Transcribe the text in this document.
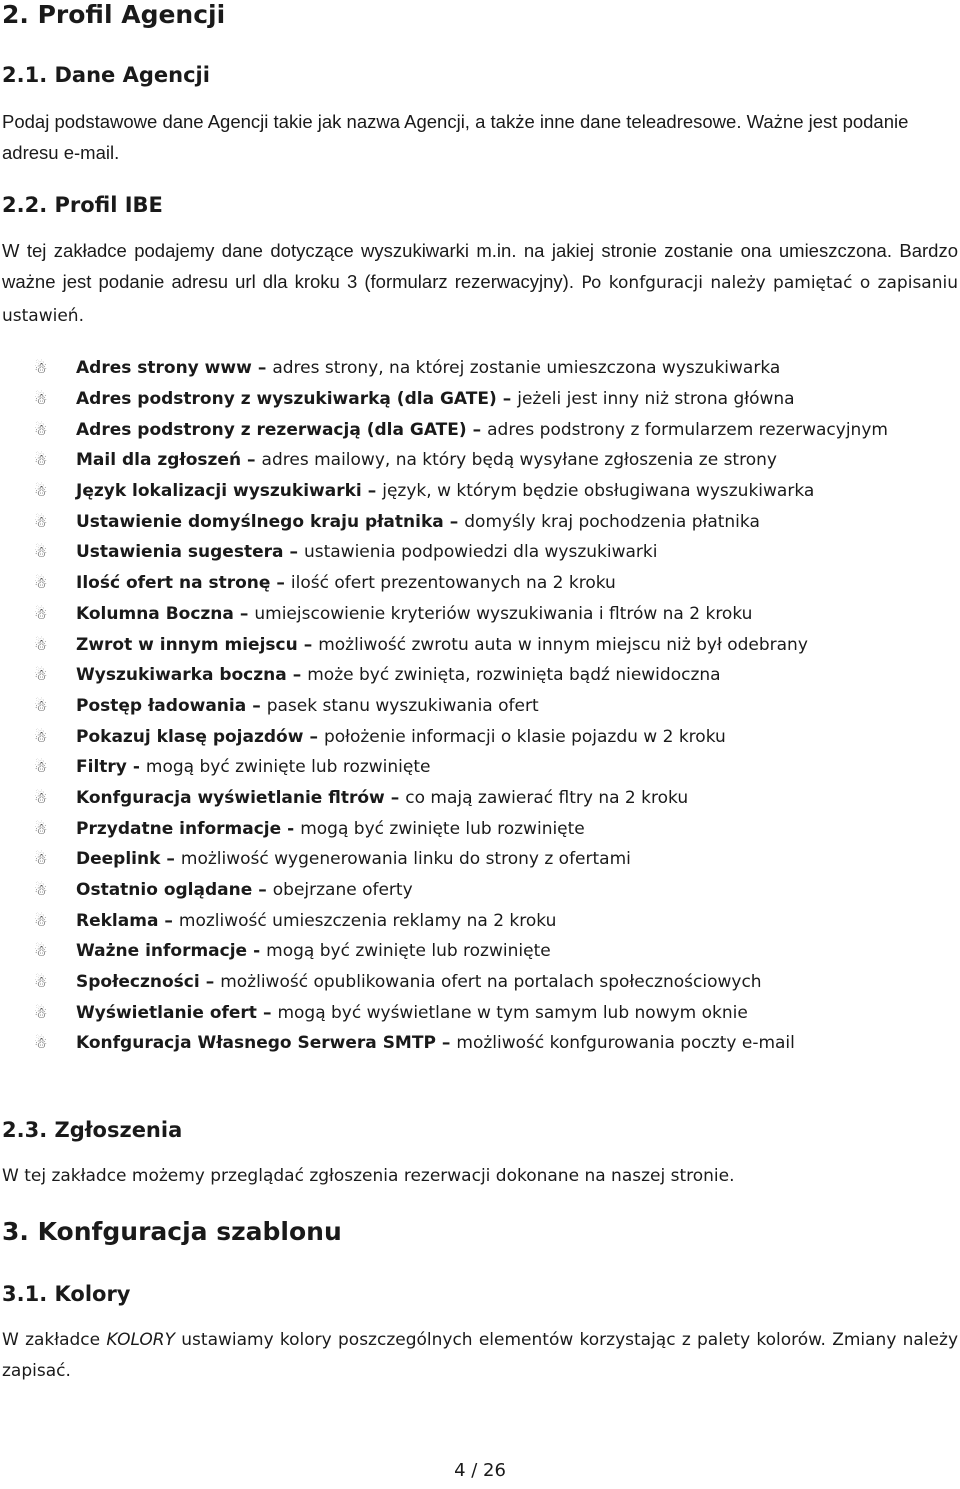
2. Profil Agencji
2.1. Dane Agencji

Podaj podstawowe dane Agencji takie jak nazwa Agencji, a także inne dane teleadresowe. Ważne jest podanie adresu e-mail.

2.2. Profil IBE

W tej zakładce podajemy dane dotyczące wyszukiwarki m.in. na jakiej stronie zostanie ona umieszczona. Bardzo ważne jest podanie adresu url dla kroku 3 (formularz rezerwacyjny). Po konfguracji należy pamiętać o zapisaniu ustawień.

☃	Adres strony www – adres strony, na której zostanie umieszczona wyszukiwarka
☃	Adres podstrony z wyszukiwarką (dla GATE) – jeżeli jest inny niż strona główna
☃	Adres podstrony z rezerwacją (dla GATE) – adres podstrony z formularzem rezerwacyjnym
☃	Mail dla zgłoszeń – adres mailowy, na który będą wysyłane zgłoszenia ze strony
☃	Język lokalizacji wyszukiwarki – język, w którym będzie obsługiwana wyszukiwarka
☃	Ustawienie domyślnego kraju płatnika – domyśly kraj pochodzenia płatnika
☃	Ustawienia sugestera – ustawienia podpowiedzi dla wyszukiwarki
☃	Ilość ofert na stronę – ilość ofert prezentowanych na 2 kroku
☃	Kolumna Boczna – umiejscowienie kryteriów wyszukiwania i fltrów na 2 kroku
☃	Zwrot w innym miejscu – możliwość zwrotu auta w innym miejscu niż był odebrany
☃	Wyszukiwarka boczna – może być zwinięta, rozwinięta bądź niewidoczna
☃	Postęp ładowania – pasek stanu wyszukiwania ofert
☃	Pokazuj klasę pojazdów – położenie informacji o klasie pojazdu w 2 kroku
☃	Filtry - mogą być zwinięte lub rozwinięte
☃	Konfguracja wyświetlanie fltrów – co mają zawierać fltry na 2 kroku
☃	Przydatne informacje - mogą być zwinięte lub rozwinięte
☃	Deeplink – możliwość wygenerowania linku do strony z ofertami
☃	Ostatnio oglądane – obejrzane oferty
☃	Reklama – mozliwość umieszczenia reklamy na 2 kroku
☃	Ważne informacje - mogą być zwinięte lub rozwinięte
☃	Społeczności – możliwość opublikowania ofert na portalach społecznościowych
☃	Wyświetlanie ofert – mogą być wyświetlane w tym samym lub nowym oknie
☃	Konfguracja Własnego Serwera SMTP – możliwość konfgurowania poczty e-mail
2.3. Zgłoszenia

W tej zakładce możemy przeglądać zgłoszenia rezerwacji dokonane na naszej stronie.

3. Konfguracja szablonu
3.1. Kolory

W zakładce KOLORY ustawiamy kolory poszczególnych elementów korzystając z palety kolorów. Zmiany należy zapisać.

4 / 26
